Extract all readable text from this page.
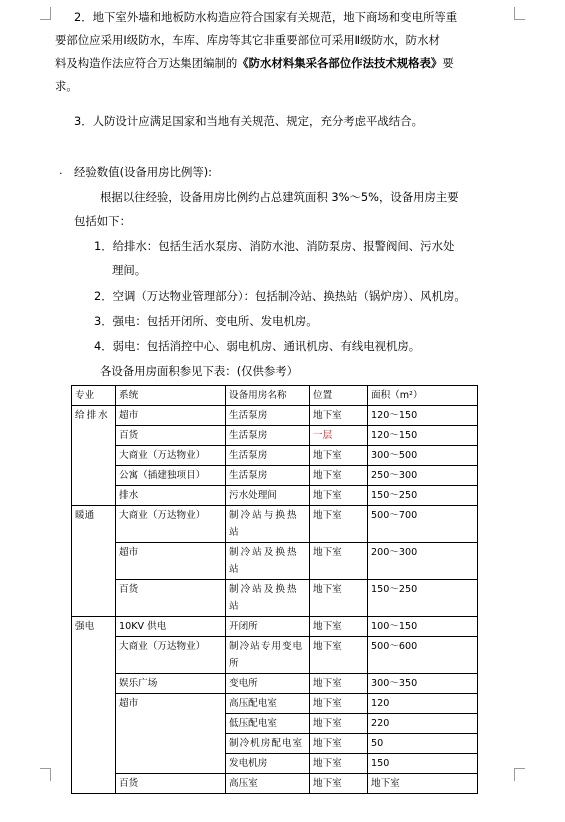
2．地下室外墙和地板防水构造应符合国家有关规范，地下商场和变电所等重
要部位应采用Ⅰ级防水，车库、库房等其它非重要部位可采用Ⅱ级防水，防水材
料及构造作法应符合万达集团编制的《防水材料集采各部位作法技术规格表》要
求。
3．人防设计应满足国家和当地有关规范、规定，充分考虑平战结合。
· 经验数值(设备用房比例等):
根据以往经验，设备用房比例约占总建筑面积 3%～5%，设备用房主要
包括如下：
1．给排水：包括生活水泵房、消防水池、消防泵房、报警阀间、污水处
理间。
2．空调（万达物业管理部分）：包括制冷站、换热站（锅炉房）、风机房。
3．强电：包括开闭所、变电所、发电机房。
4．弱电：包括消控中心、弱电机房、通讯机房、有线电视机房。
各设备用房面积参见下表：(仅供参考）
专业	系统	设备用房名称	位置	面积（m²）
给排水	超市	生活泵房	地下室	120～150
	百货	生活泵房	一层	120～150
	大商业（万达物业）	生活泵房	地下室	300～500
	公寓（插建独项目）	生活泵房	地下室	250～300
	排水	污水处理间	地下室	150～250
暖通	大商业（万达物业）	制冷站与换热站	地下室	500～700
	超市	制冷站及换热站	地下室	200～300
	百货	制冷站及换热站	地下室	150～250
强电	10KV 供电	开闭所	地下室	100～150
	大商业（万达物业）	制冷站专用变电所	地下室	500～600
	娱乐广场	变电所	地下室	300～350
	超市	高压配电室	地下室	120
		低压配电室	地下室	220
		制冷机房配电室	地下室	50
		发电机房	地下室	150
	百货	高压室	地下室	地下室
